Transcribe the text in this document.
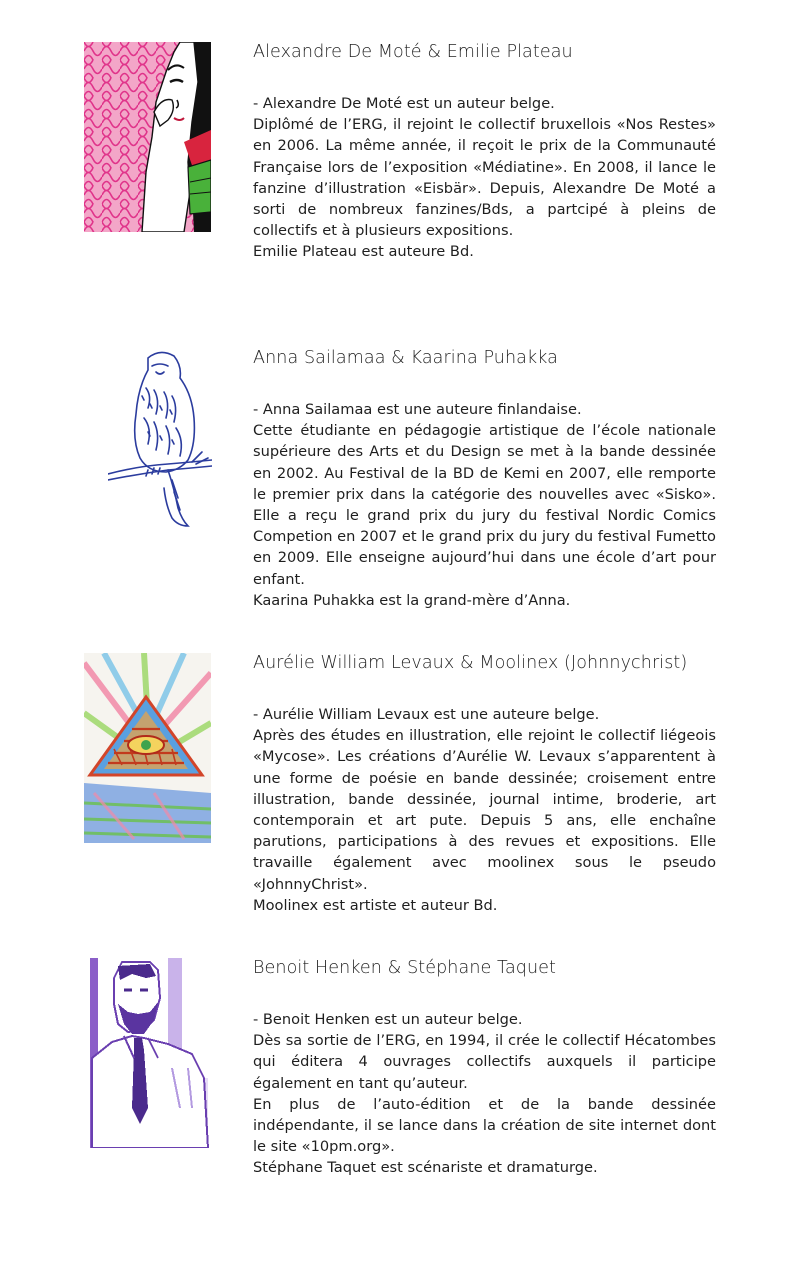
Alexandre De Moté & Emilie Plateau

- Alexandre De Moté est un auteur belge.

Diplômé de l’ERG, il rejoint le collectif bruxellois «Nos Restes» en 2006. La même année, il reçoit le prix de la Communauté Française lors de l’exposition «Médiatine». En 2008, il lance le fanzine d’illustration «Eisbär». Depuis, Alexandre De Moté a sorti de nombreux fanzines/Bds, a partcipé à pleins de collectifs et à plusieurs expositions.

Emilie Plateau est auteure Bd.

Anna Sailamaa & Kaarina Puhakka

- Anna Sailamaa est une auteure finlandaise.

Cette étudiante en pédagogie artistique de l’école nationale supérieure des Arts et du Design se met à la bande dessinée en 2002. Au Festival de la BD de Kemi en 2007, elle remporte le premier prix dans la catégorie des nouvelles avec «Sisko». Elle a reçu le grand prix du jury du festival Nordic Comics Competion en 2007 et le grand prix du jury du festival Fumetto en 2009. Elle enseigne aujourd’hui dans une école d’art pour enfant.

Kaarina Puhakka est la grand-mère d’Anna.

Aurélie William Levaux & Moolinex (Johnnychrist)

- Aurélie William Levaux est une auteure belge.

Après des études en illustration, elle rejoint le collectif liégeois «Mycose». Les créations d’Aurélie W. Levaux s’apparentent à une forme de poésie en bande dessinée; croisement entre illustration, bande dessinée, journal intime, broderie, art contemporain et art pute. Depuis 5 ans, elle enchaîne parutions, participations à des revues et expositions. Elle travaille également avec moolinex sous le pseudo «JohnnyChrist».

Moolinex est artiste et auteur Bd.

Benoit Henken & Stéphane Taquet

- Benoit Henken est un auteur belge.

Dès sa sortie de l’ERG, en 1994, il crée le collectif Hécatombes qui éditera 4 ouvrages collectifs auxquels il participe également en tant qu’auteur.

En plus de l’auto-édition et de la bande dessinée indépendante, il se lance dans la création de site internet dont le site «10pm.org».

Stéphane Taquet est scénariste et dramaturge.
